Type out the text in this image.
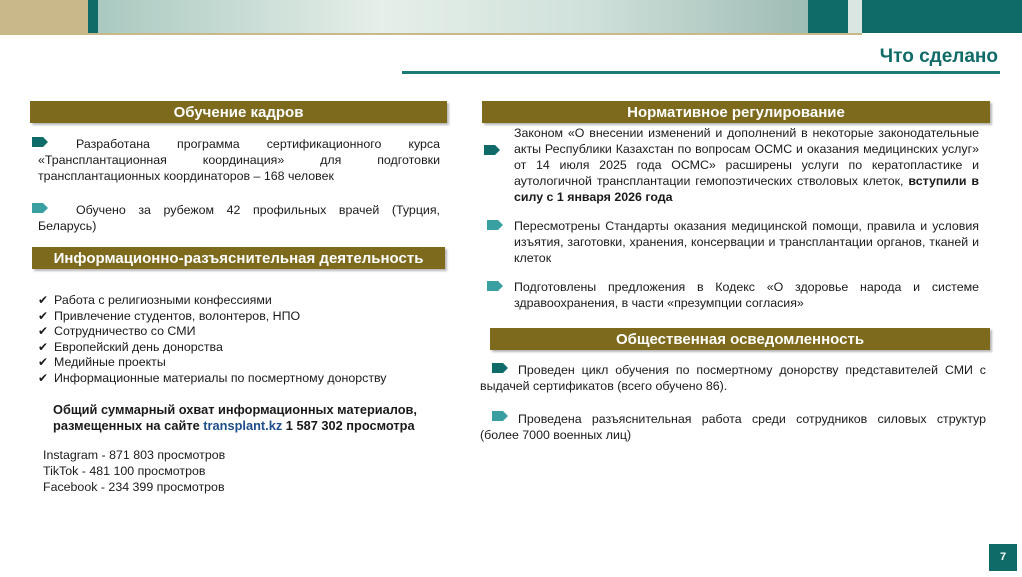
Что сделано
Обучение кадров
Разработана программа сертификационного курса «Трансплантационная координация» для подготовки трансплантационных координаторов – 168 человек
Обучено за рубежом 42 профильных врачей (Турция, Беларусь)
Информационно-разъяснительная деятельность
✔ Работа с религиозными конфессиями
✔ Привлечение студентов, волонтеров, НПО
✔ Сотрудничество со СМИ
✔ Европейский день донорства
✔ Медийные проекты
✔ Информационные материалы по посмертному донорству
Общий суммарный охват информационных материалов,
размещенных на сайте transplant.kz 1 587 302 просмотра
Instagram - 871 803 просмотров
TikTok - 481 100 просмотров
Facebook - 234 399 просмотров
Нормативное регулирование
Законом «О внесении изменений и дополнений в некоторые законодательные акты Республики Казахстан по вопросам ОСМС и оказания медицинских услуг» от 14 июля 2025 года ОСМС» расширены услуги по кератопластике и аутологичной трансплантации гемопоэтических стволовых клеток, вступили в силу с 1 января 2026 года
Пересмотрены Стандарты оказания медицинской помощи, правила и условия изъятия, заготовки, хранения, консервации и трансплантации органов, тканей и клеток
Подготовлены предложения в Кодекс «О здоровье народа и системе здравоохранения, в части «презумпции согласия»
Общественная осведомленность
Проведен цикл обучения по посмертному донорству представителей СМИ с выдачей сертификатов (всего обучено 86).
Проведена разъяснительная работа среди сотрудников силовых структур (более 7000 военных лиц)
7
